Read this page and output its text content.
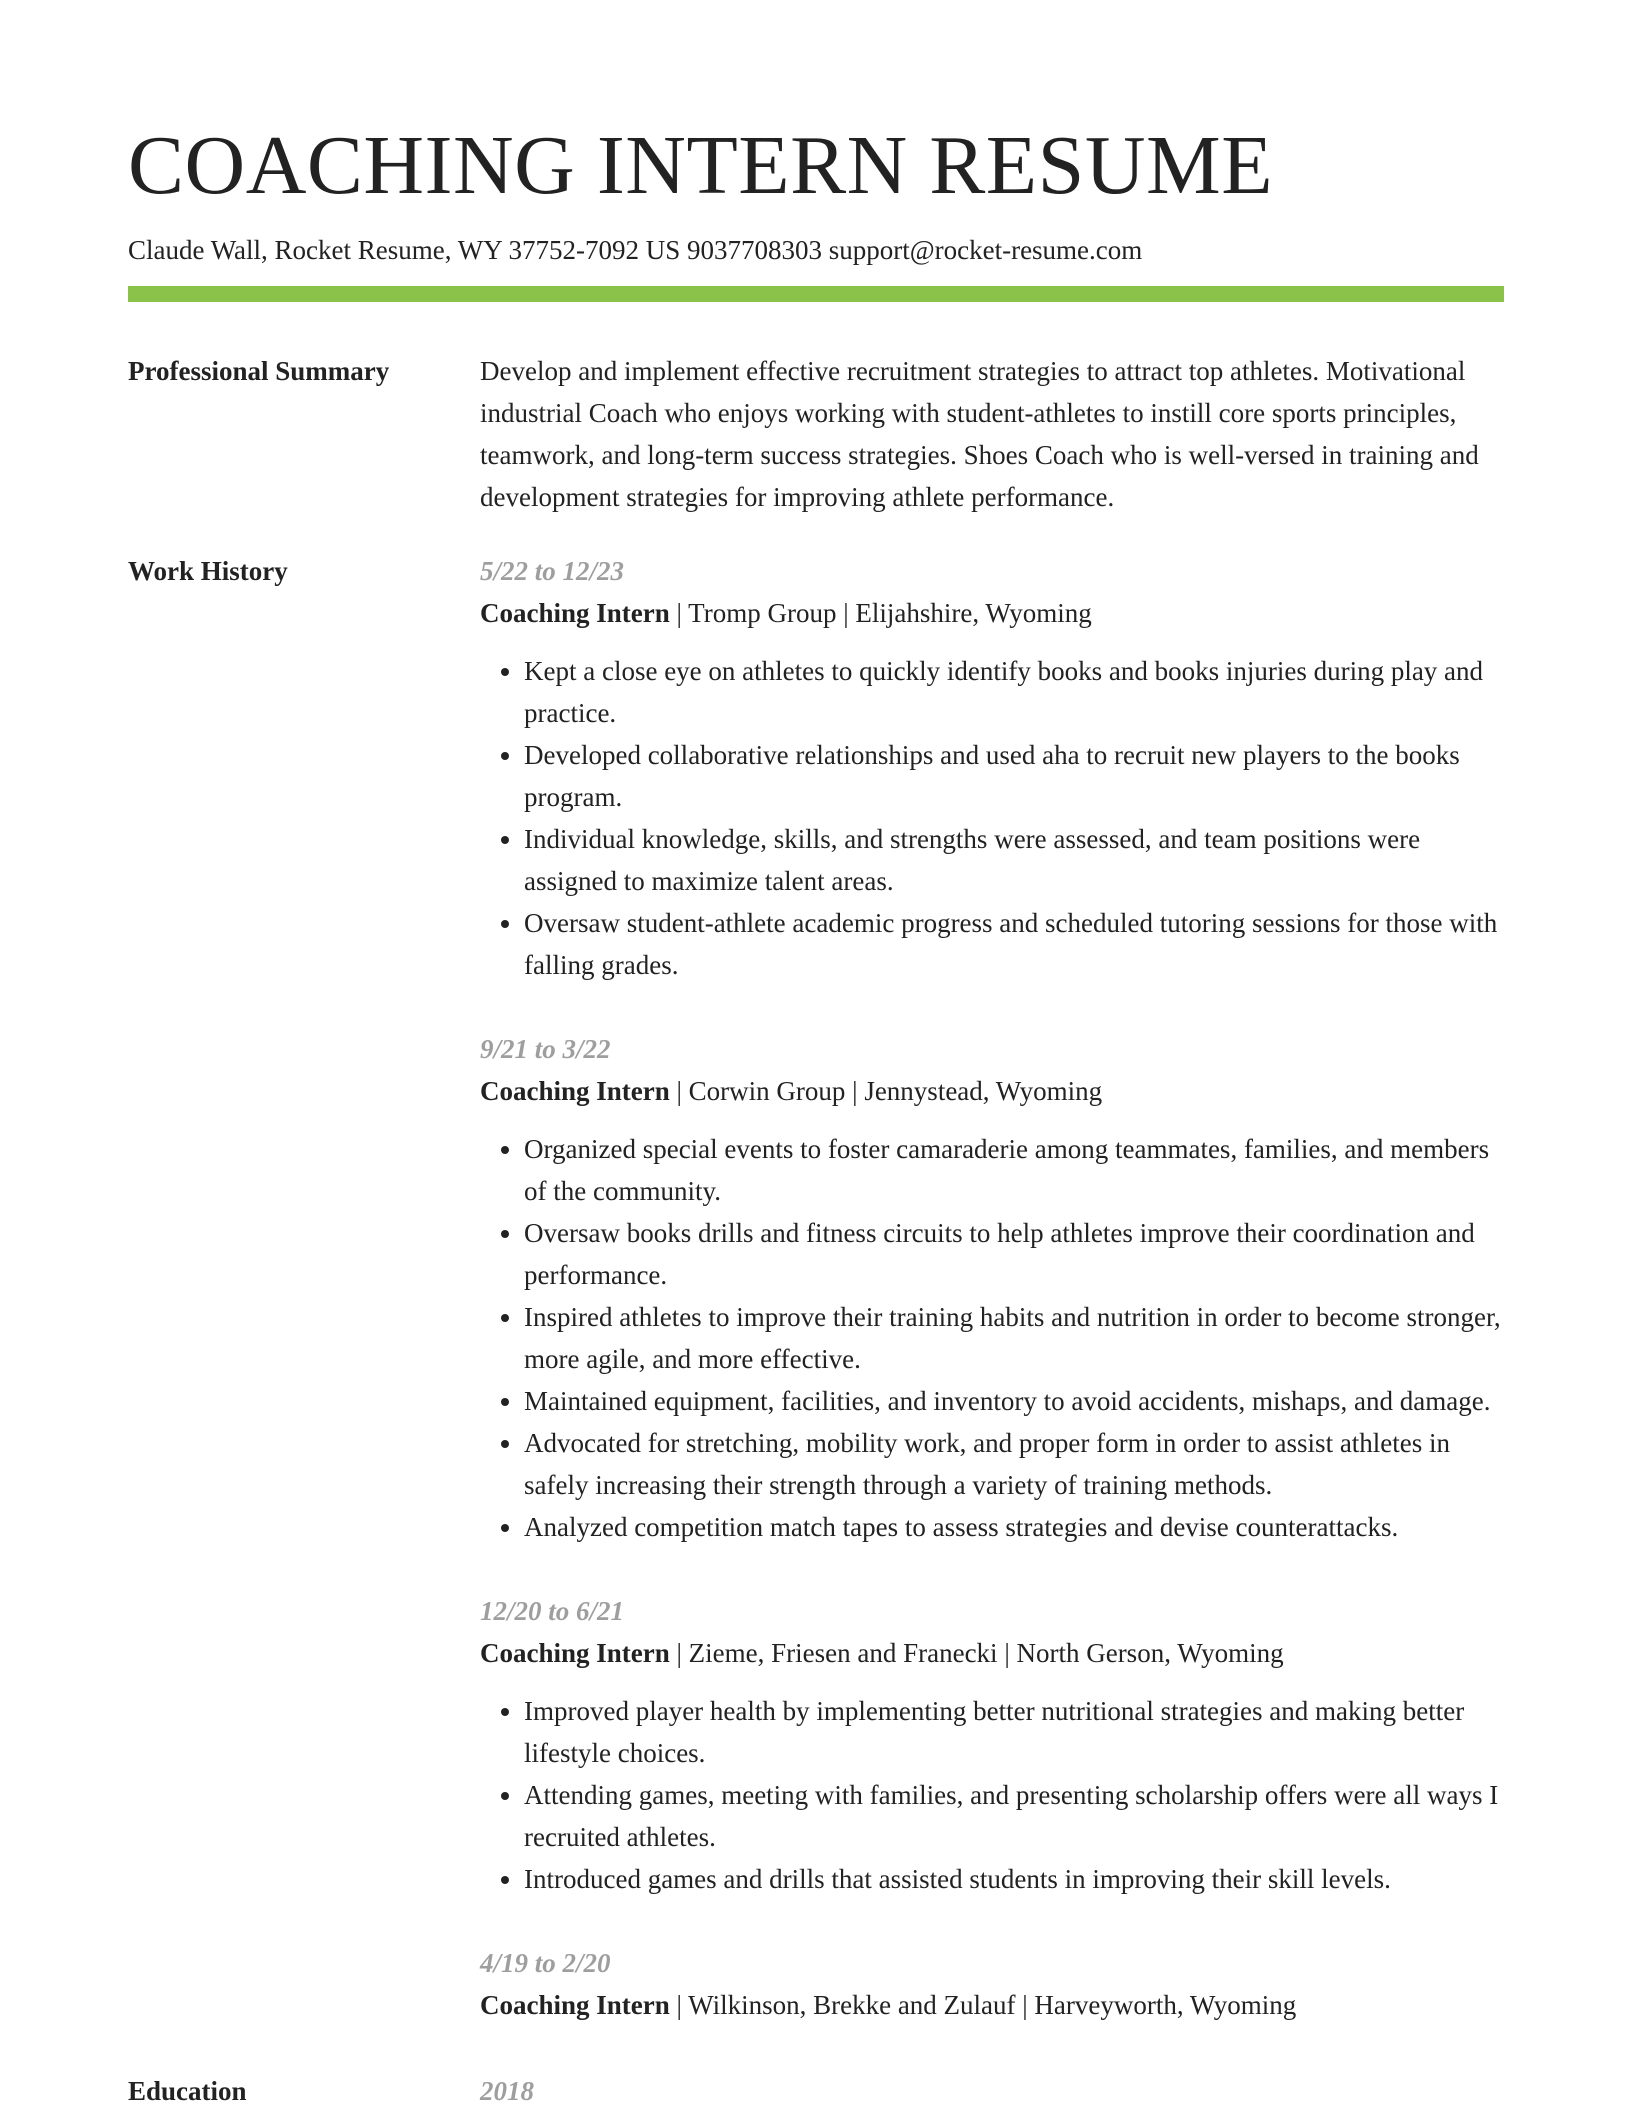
COACHING INTERN RESUME
Claude Wall, Rocket Resume, WY 37752-7092 US 9037708303 support@rocket-resume.com
Professional Summary	Develop and implement effective recruitment strategies to attract top athletes. Motivational industrial Coach who enjoys working with student-athletes to instill core sports principles, teamwork, and long-term success strategies. Shoes Coach who is well-versed in training and development strategies for improving athlete performance.

Work History	5/22 to 12/23
Coaching Intern | Tromp Group | Elijahshire, Wyoming
• Kept a close eye on athletes to quickly identify books and books injuries during play and practice.
• Developed collaborative relationships and used aha to recruit new players to the books program.
• Individual knowledge, skills, and strengths were assessed, and team positions were assigned to maximize talent areas.
• Oversaw student-athlete academic progress and scheduled tutoring sessions for those with falling grades.
9/21 to 3/22
Coaching Intern | Corwin Group | Jennystead, Wyoming
• Organized special events to foster camaraderie among teammates, families, and members of the community.
• Oversaw books drills and fitness circuits to help athletes improve their coordination and performance.
• Inspired athletes to improve their training habits and nutrition in order to become stronger, more agile, and more effective.
• Maintained equipment, facilities, and inventory to avoid accidents, mishaps, and damage.
• Advocated for stretching, mobility work, and proper form in order to assist athletes in safely increasing their strength through a variety of training methods.
• Analyzed competition match tapes to assess strategies and devise counterattacks.
12/20 to 6/21
Coaching Intern | Zieme, Friesen and Franecki | North Gerson, Wyoming
• Improved player health by implementing better nutritional strategies and making better lifestyle choices.
• Attending games, meeting with families, and presenting scholarship offers were all ways I recruited athletes.
• Introduced games and drills that assisted students in improving their skill levels.
4/19 to 2/20
Coaching Intern | Wilkinson, Brekke and Zulauf | Harveyworth, Wyoming
Education	2018
